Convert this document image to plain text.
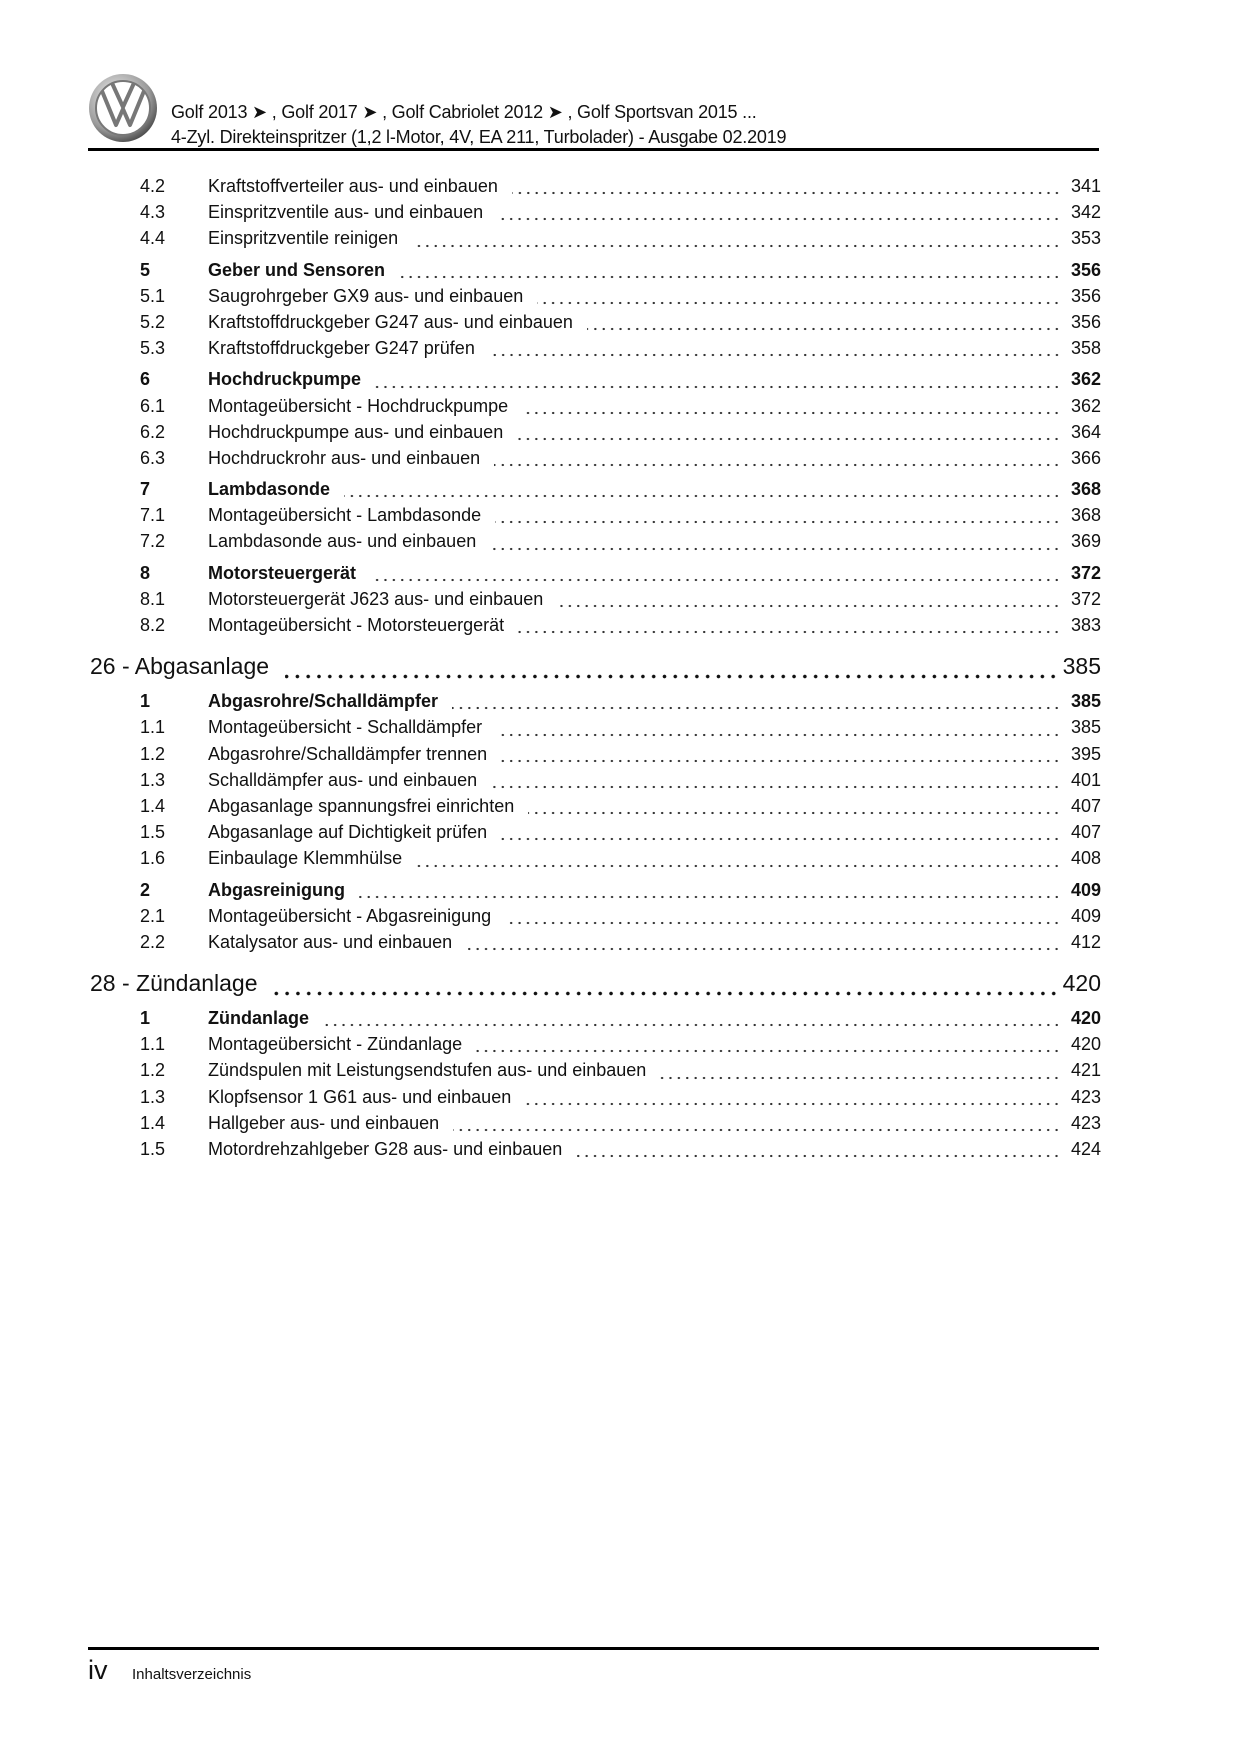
Golf 2013 ➤ , Golf 2017 ➤ , Golf Cabriolet 2012 ➤ , Golf Sportsvan 2015 ...
4-Zyl. Direkteinspritzer (1,2 l-Motor, 4V, EA 211, Turbolader) - Ausgabe 02.2019
4.2	Kraftstoffverteiler aus- und einbauen	341
4.3	Einspritzventile aus- und einbauen	342
4.4	Einspritzventile reinigen	353
5	Geber und Sensoren	356
5.1	Saugrohrgeber GX9 aus- und einbauen	356
5.2	Kraftstoffdruckgeber G247 aus- und einbauen	356
5.3	Kraftstoffdruckgeber G247 prüfen	358
6	Hochdruckpumpe	362
6.1	Montageübersicht - Hochdruckpumpe	362
6.2	Hochdruckpumpe aus- und einbauen	364
6.3	Hochdruckrohr aus- und einbauen	366
7	Lambdasonde	368
7.1	Montageübersicht - Lambdasonde	368
7.2	Lambdasonde aus- und einbauen	369
8	Motorsteuergerät	372
8.1	Motorsteuergerät J623 aus- und einbauen	372
8.2	Montageübersicht - Motorsteuergerät	383
26 - Abgasanlage	385
1	Abgasrohre/Schalldämpfer	385
1.1	Montageübersicht - Schalldämpfer	385
1.2	Abgasrohre/Schalldämpfer trennen	395
1.3	Schalldämpfer aus- und einbauen	401
1.4	Abgasanlage spannungsfrei einrichten	407
1.5	Abgasanlage auf Dichtigkeit prüfen	407
1.6	Einbaulage Klemmhülse	408
2	Abgasreinigung	409
2.1	Montageübersicht - Abgasreinigung	409
2.2	Katalysator aus- und einbauen	412
28 - Zündanlage	420
1	Zündanlage	420
1.1	Montageübersicht - Zündanlage	420
1.2	Zündspulen mit Leistungsendstufen aus- und einbauen	421
1.3	Klopfsensor 1 G61 aus- und einbauen	423
1.4	Hallgeber aus- und einbauen	423
1.5	Motordrehzahlgeber G28 aus- und einbauen	424
iv Inhaltsverzeichnis
